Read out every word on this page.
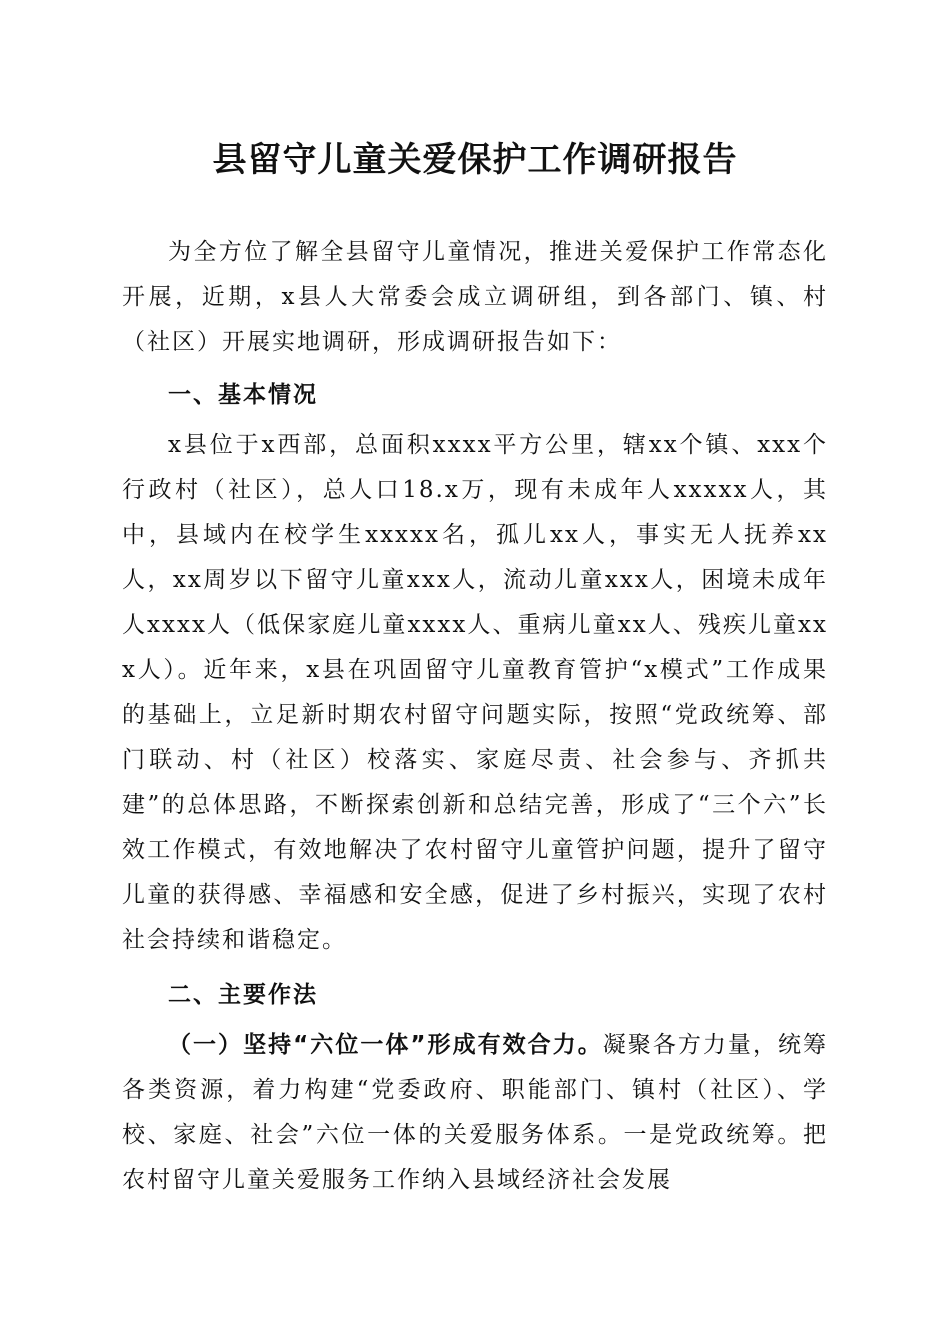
县留守儿童关爱保护工作调研报告

为全方位了解全县留守儿童情况，推进关爱保护工作常态化开展，近期，x县人大常委会成立调研组，到各部门、镇、村（社区）开展实地调研，形成调研报告如下：

一、基本情况

x县位于x西部，总面积xxxx平方公里，辖xx个镇、xxx个行政村（社区），总人口18.x万，现有未成年人xxxxx人，其中，县域内在校学生xxxxx名，孤儿xx人，事实无人抚养xx人，xx周岁以下留守儿童xxx人，流动儿童xxx人，困境未成年人xxxx人（低保家庭儿童xxxx人、重病儿童xx人、残疾儿童xxx人）。近年来，x县在巩固留守儿童教育管护“x模式”工作成果的基础上，立足新时期农村留守问题实际，按照“党政统筹、部门联动、村（社区）校落实、家庭尽责、社会参与、齐抓共建”的总体思路，不断探索创新和总结完善，形成了“三个六”长效工作模式，有效地解决了农村留守儿童管护问题，提升了留守儿童的获得感、幸福感和安全感，促进了乡村振兴，实现了农村社会持续和谐稳定。

二、主要作法

（一）坚持“六位一体”形成有效合力。凝聚各方力量，统筹各类资源，着力构建“党委政府、职能部门、镇村（社区）、学校、家庭、社会”六位一体的关爱服务体系。一是党政统筹。把农村留守儿童关爱服务工作纳入县域经济社会发展
